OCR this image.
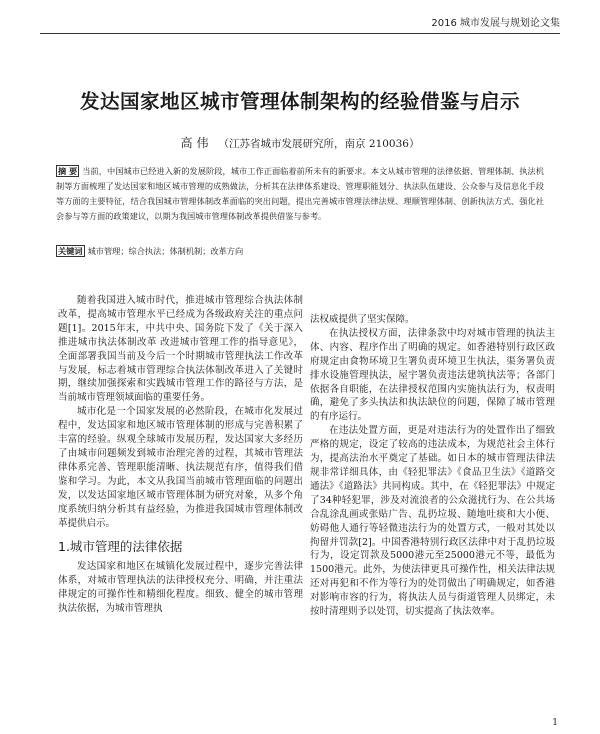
2016 城市发展与规划论文集
发达国家地区城市管理体制架构的经验借鉴与启示
高伟 （江苏省城市发展研究所，南京 210036）
摘 要 当前，中国城市已经进入新的发展阶段，城市工作正面临着前所未有的新要求。本文从城市管理的法律依据、管理体制、执法机制等方面梳理了发达国家和地区城市管理的成熟做法，分析其在法律体系建设、管理职能划分、执法队伍建设、公众参与及信息化手段等方面的主要特征，结合我国城市管理体制改革面临的突出问题，提出完善城市管理法律法规、理顺管理体制、创新执法方式、强化社会参与等方面的政策建议，以期为我国城市管理体制改革提供借鉴与参考。
关键词 城市管理；综合执法；体制机制；改革方向

随着我国进入城市时代，推进城市管理综合执法体制改革，提高城市管理水平已经成为各级政府关注的重点问题[1]。2015年末，中共中央、国务院下发了《关于深入推进城市执法体制改革 改进城市管理工作的指导意见》，全面部署我国当前及今后一个时期城市管理执法工作改革与发展，标志着城市管理综合执法体制改革进入了关键时期，继续加强探索和实践城市管理工作的路径与方法，是当前城市管理领域面临的重要任务。

城市化是一个国家发展的必然阶段，在城市化发展过程中，发达国家和地区城市管理体制的形成与完善积累了丰富的经验。纵观全球城市发展历程，发达国家大多经历了由城市问题频发到城市治理完善的过程，其城市管理法律体系完善、管理职能清晰、执法规范有序，值得我们借鉴和学习。为此，本文从我国当前城市管理面临的问题出发，以发达国家地区城市管理体制为研究对象，从多个角度系统归纳分析其有益经验，为推进我国城市管理体制改革提供启示。

1.城市管理的法律依据

发达国家和地区在城镇化发展过程中，逐步完善法律体系，对城市管理执法的法律授权充分、明确，并注重法律规定的可操作性和精细化程度。细致、健全的城市管理执法依据，为城市管理执

法权威提供了坚实保障。

在执法授权方面，法律条款中均对城市管理的执法主体、内容、程序作出了明确的规定。如香港特别行政区政府规定由食物环境卫生署负责环境卫生执法，渠务署负责排水设施管理执法，屋宇署负责违法建筑执法等；各部门依据各自职能，在法律授权范围内实施执法行为，权责明确，避免了多头执法和执法缺位的问题，保障了城市管理的有序运行。

在违法处置方面，更是对违法行为的处置作出了细致严格的规定，设定了较高的违法成本，为规范社会主体行为，提高法治水平奠定了基础。如日本的城市管理法律法规非常详细具体，由《轻犯罪法》《食品卫生法》《道路交通法》《道路法》共同构成。其中，在《轻犯罪法》中规定了34种轻犯罪，涉及对流浪者的公众滋扰行为、在公共场合乱涂乱画或张贴广告、乱扔垃圾、随地吐痰和大小便、妨碍他人通行等轻微违法行为的处置方式，一般对其处以拘留并罚款[2]。中国香港特别行政区法律中对于乱扔垃圾行为，设定罚款及5000港元至25000港元不等，最低为1500港元。此外，为使法律更具可操作性，相关法律法规还对再犯和不作为等行为的处罚做出了明确规定，如香港对影响市容的行为，将执法人员与街道管理人员绑定，未按时清理则予以处罚，切实提高了执法效率。

1
